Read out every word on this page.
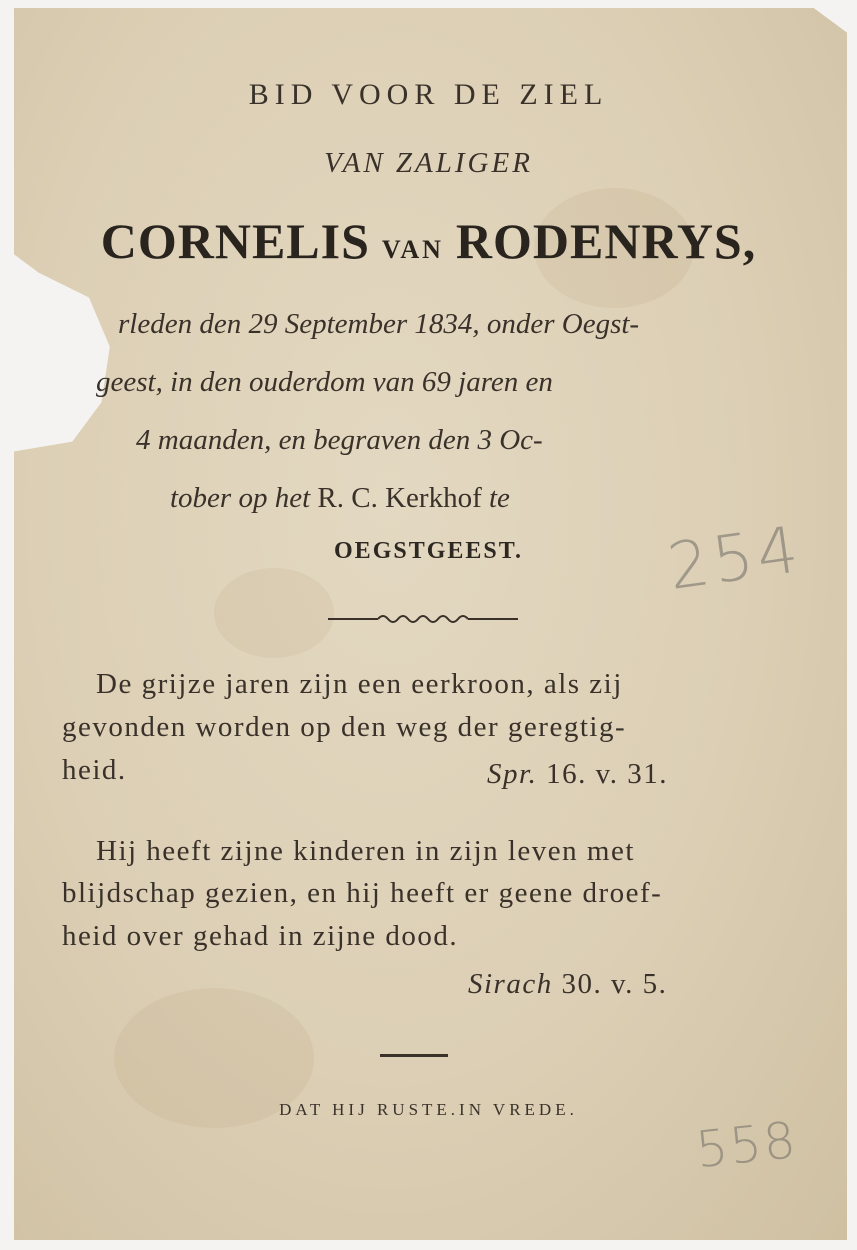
BID VOOR DE ZIEL
VAN ZALIGER
CORNELIS VAN RODENRYS,
rleden den 29 September 1834, onder Oegst-
geest, in den ouderdom van 69 jaren en
4 maanden, en begraven den 3 Oc-
tober op het R. C. Kerkhof te
OEGSTGEEST.
De grijze jaren zijn een eerkroon, als zij
gevonden worden op den weg der geregtig-
heid.	Spr. 16. v. 31.
Hij heeft zijne kinderen in zijn leven met
blijdschap gezien, en hij heeft er geene droef-
heid over gehad in zijne dood.
Sirach 30. v. 5.
DAT HIJ RUSTE.IN VREDE.
254
558
